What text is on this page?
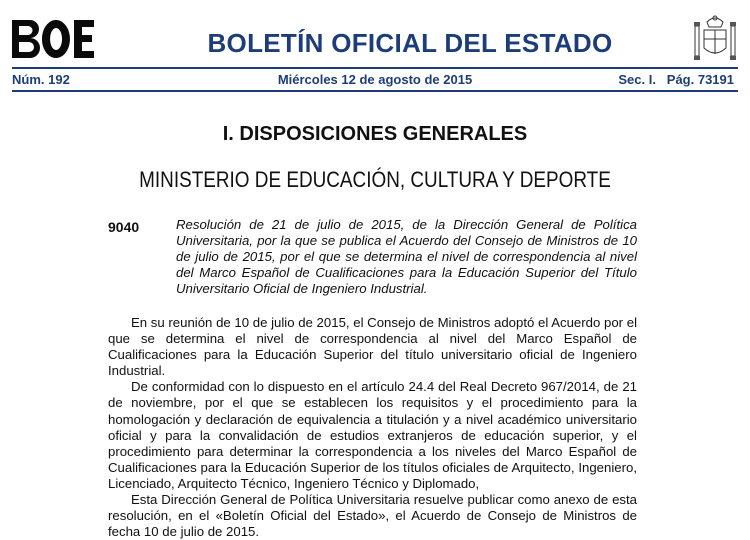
BOLETÍN OFICIAL DEL ESTADO
Núm. 192	Miércoles 12 de agosto de 2015	Sec. I.   Pág. 73191
I. DISPOSICIONES GENERALES
MINISTERIO DE EDUCACIÓN, CULTURA Y DEPORTE
9040	Resolución de 21 de julio de 2015, de la Dirección General de Política Universitaria, por la que se publica el Acuerdo del Consejo de Ministros de 10 de julio de 2015, por el que se determina el nivel de correspondencia al nivel del Marco Español de Cualificaciones para la Educación Superior del Título Universitario Oficial de Ingeniero Industrial.

En su reunión de 10 de julio de 2015, el Consejo de Ministros adoptó el Acuerdo por el que se determina el nivel de correspondencia al nivel del Marco Español de Cualificaciones para la Educación Superior del título universitario oficial de Ingeniero Industrial.

De conformidad con lo dispuesto en el artículo 24.4 del Real Decreto 967/2014, de 21 de noviembre, por el que se establecen los requisitos y el procedimiento para la homologación y declaración de equivalencia a titulación y a nivel académico universitario oficial y para la convalidación de estudios extranjeros de educación superior, y el procedimiento para determinar la correspondencia a los niveles del Marco Español de Cualificaciones para la Educación Superior de los títulos oficiales de Arquitecto, Ingeniero, Licenciado, Arquitecto Técnico, Ingeniero Técnico y Diplomado,

Esta Dirección General de Política Universitaria resuelve publicar como anexo de esta resolución, en el «Boletín Oficial del Estado», el Acuerdo de Consejo de Ministros de fecha 10 de julio de 2015.
